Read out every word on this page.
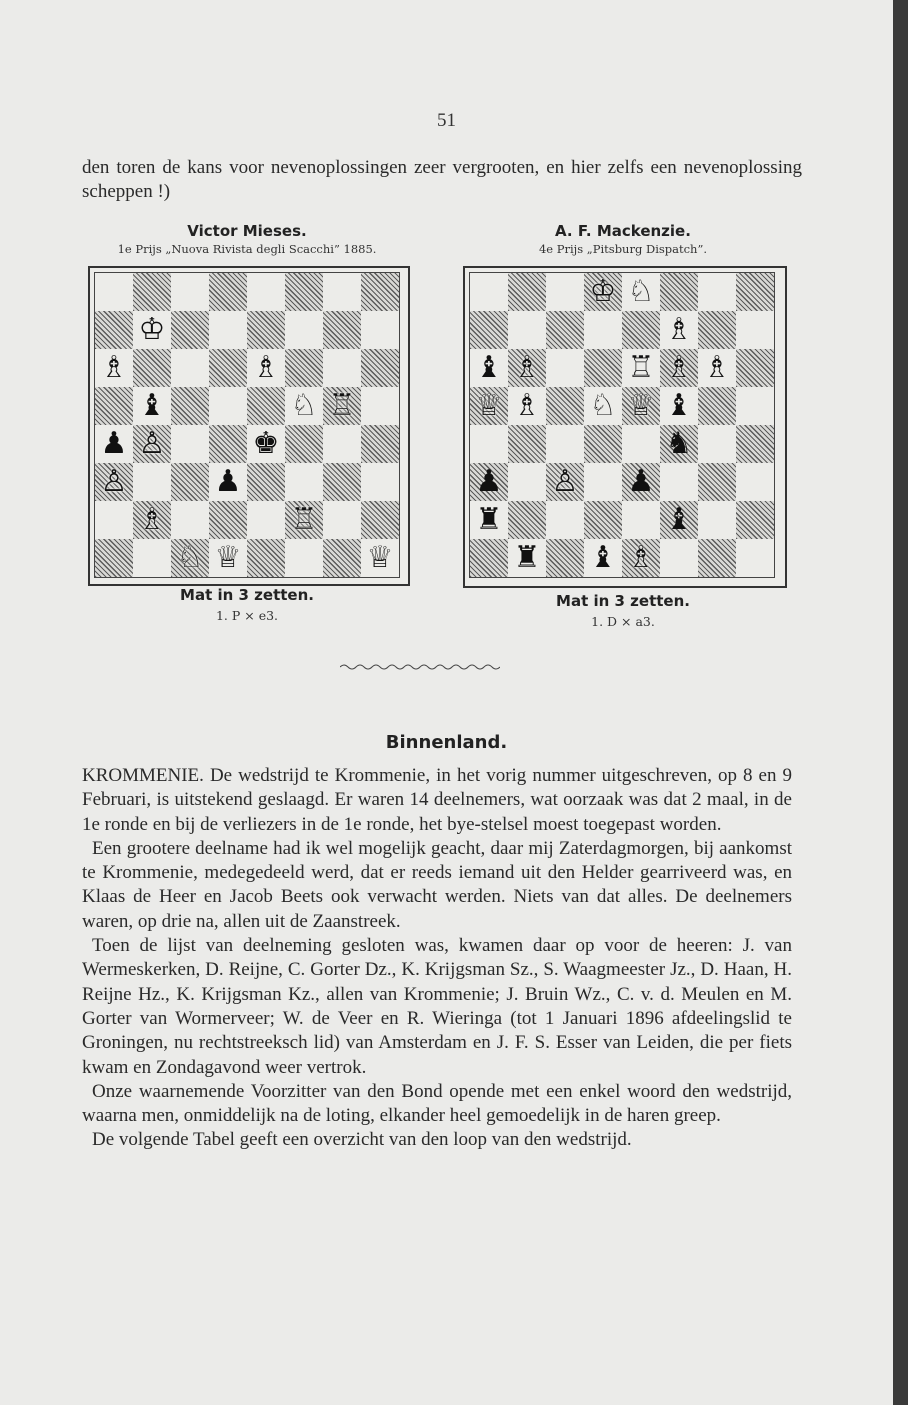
51
den toren de kans voor nevenoplossingen zeer vergrooten, en hier zelfs een nevenoplossing scheppen !)
Victor Mieses.
1e Prijs „Nuova Rivista degli Scacchi” 1885.
♔
♗	♗
♝	♘ ♖
♟ ♙	♚
♙	♟
♗	♖
♕
♘ ♕
Mat in 3 zetten.
1. P × e3.
A. F. Mackenzie.
4e Prijs „Pitsburg Dispatch”.
♔ ♘
♗
♝ ♗	♖ ♗ ♗
♕ ♗ ♘ ♕ ♝
♞
♟ ♙ ♟
♜	♝
♜ ♝ ♗
Mat in 3 zetten.
1. D × a3.
Binnenland.

KROMMENIE. De wedstrijd te Krommenie, in het vorig nummer uitgeschreven, op 8 en 9 Februari, is uitstekend geslaagd. Er waren 14 deelnemers, wat oorzaak was dat 2 maal, in de 1e ronde en bij de verliezers in de 1e ronde, het bye-stelsel moest toegepast worden.

Een grootere deelname had ik wel mogelijk geacht, daar mij Zaterdagmorgen, bij aankomst te Krommenie, medegedeeld werd, dat er reeds iemand uit den Helder gearriveerd was, en Klaas de Heer en Jacob Beets ook verwacht werden. Niets van dat alles. De deelnemers waren, op drie na, allen uit de Zaanstreek.

Toen de lijst van deelneming gesloten was, kwamen daar op voor de heeren: J. van Wermeskerken, D. Reijne, C. Gorter Dz., K. Krijgsman Sz., S. Waagmeester Jz., D. Haan, H. Reijne Hz., K. Krijgsman Kz., allen van Krommenie; J. Bruin Wz., C. v. d. Meulen en M. Gorter van Wormerveer; W. de Veer en R. Wieringa (tot 1 Januari 1896 afdeelingslid te Groningen, nu rechtstreeksch lid) van Amsterdam en J. F. S. Esser van Leiden, die per fiets kwam en Zondagavond weer vertrok.

Onze waarnemende Voorzitter van den Bond opende met een enkel woord den wedstrijd, waarna men, onmiddelijk na de loting, elkander heel gemoedelijk in de haren greep.

De volgende Tabel geeft een overzicht van den loop van den wedstrijd.
